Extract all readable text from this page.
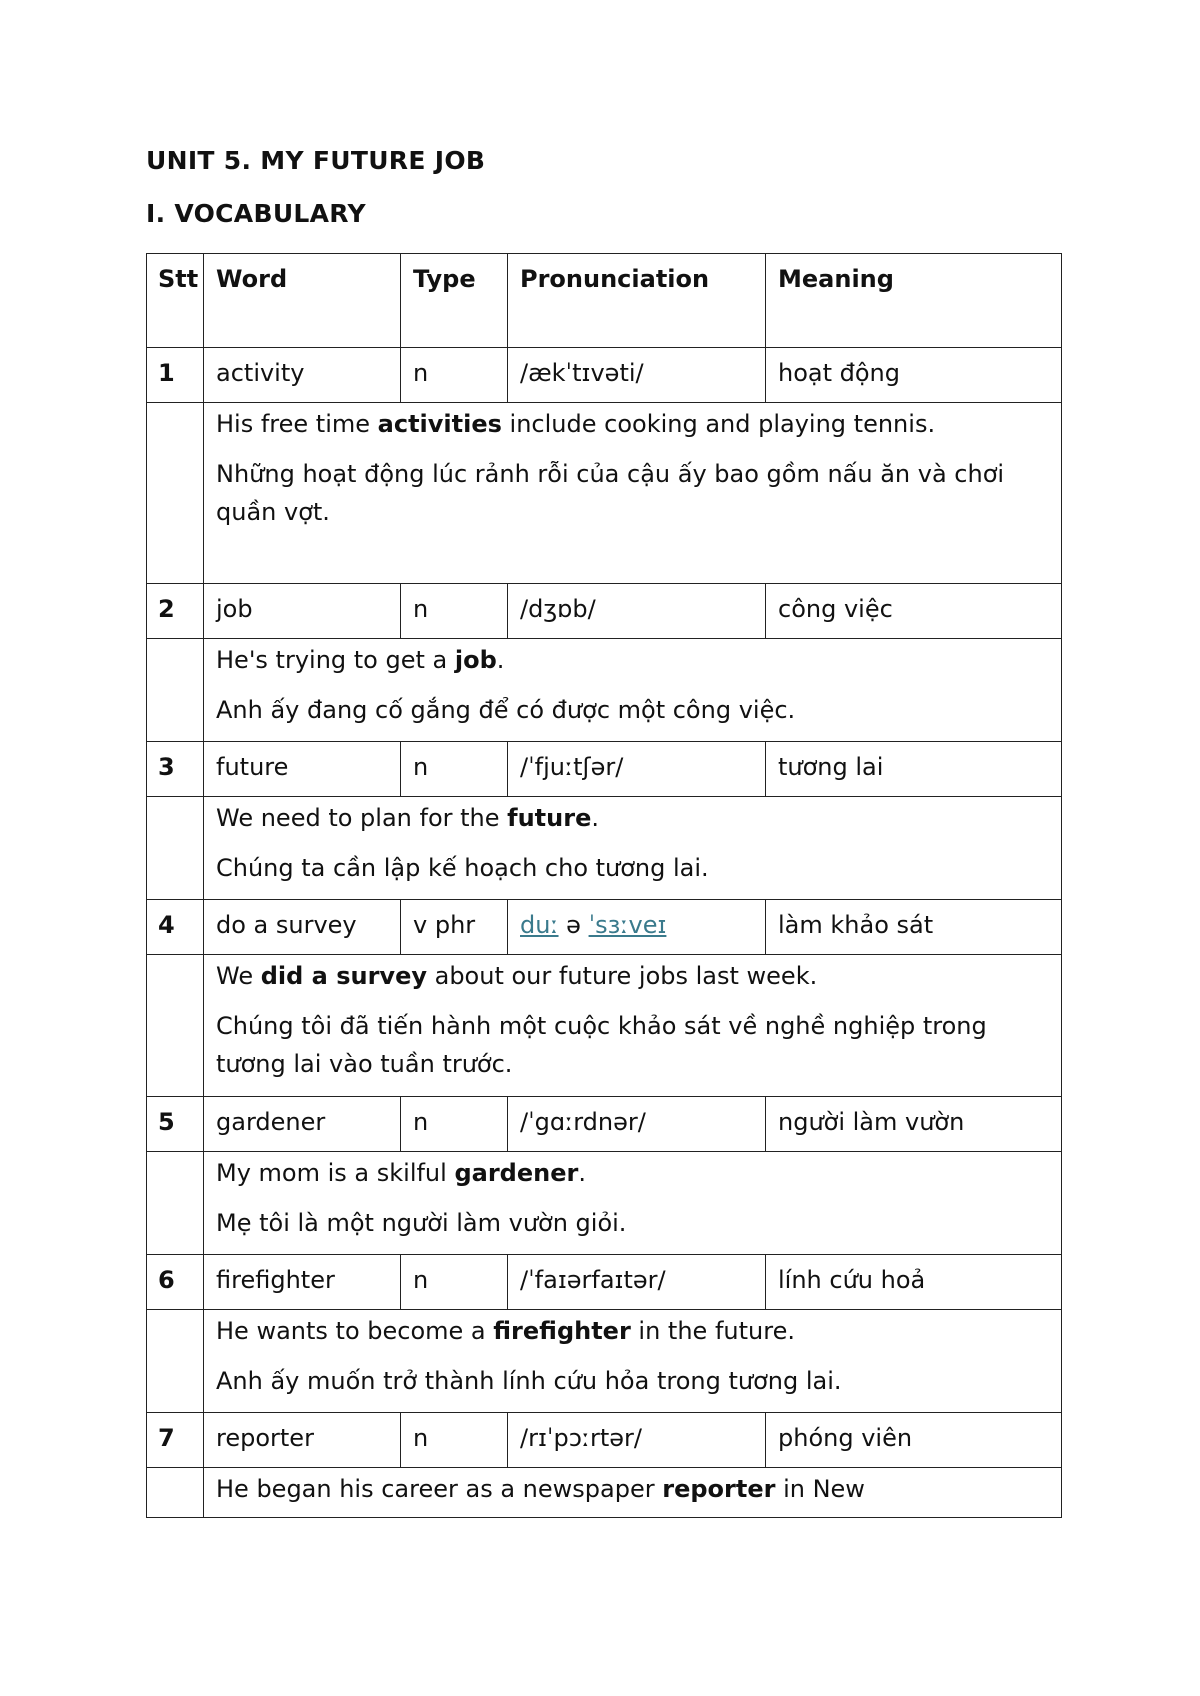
UNIT 5. MY FUTURE JOB
I. VOCABULARY
Stt	Word	Type	Pronunciation	Meaning
1	activity	n	/ækˈtɪvəti/	hoạt động

	His free time activities include cooking and playing tennis.

Những hoạt động lúc rảnh rỗi của cậu ấy bao gồm nấu ăn và chơi quần vợt.			

2	job	n	/dʒɒb/	công việc

	He's trying to get a job.

Anh ấy đang cố gắng để có được một công việc.			

3	future	n	/ˈfjuːtʃər/	tương lai

	We need to plan for the future.

Chúng ta cần lập kế hoạch cho tương lai.			

4	do a survey	v phr	duː ə ˈsɜːveɪ	làm khảo sát

	We did a survey about our future jobs last week.

Chúng tôi đã tiến hành một cuộc khảo sát về nghề nghiệp trong tương lai vào tuần trước.			

5	gardener	n	/ˈgɑːrdnər/	người làm vườn

	My mom is a skilful gardener.

Mẹ tôi là một người làm vườn giỏi.			

6	firefighter	n	/ˈfaɪərfaɪtər/	lính cứu hoả

	He wants to become a firefighter in the future.

Anh ấy muốn trở thành lính cứu hỏa trong tương lai.			

7	reporter	n	/rɪˈpɔːrtər/	phóng viên

	He began his career as a newspaper reporter in New			
